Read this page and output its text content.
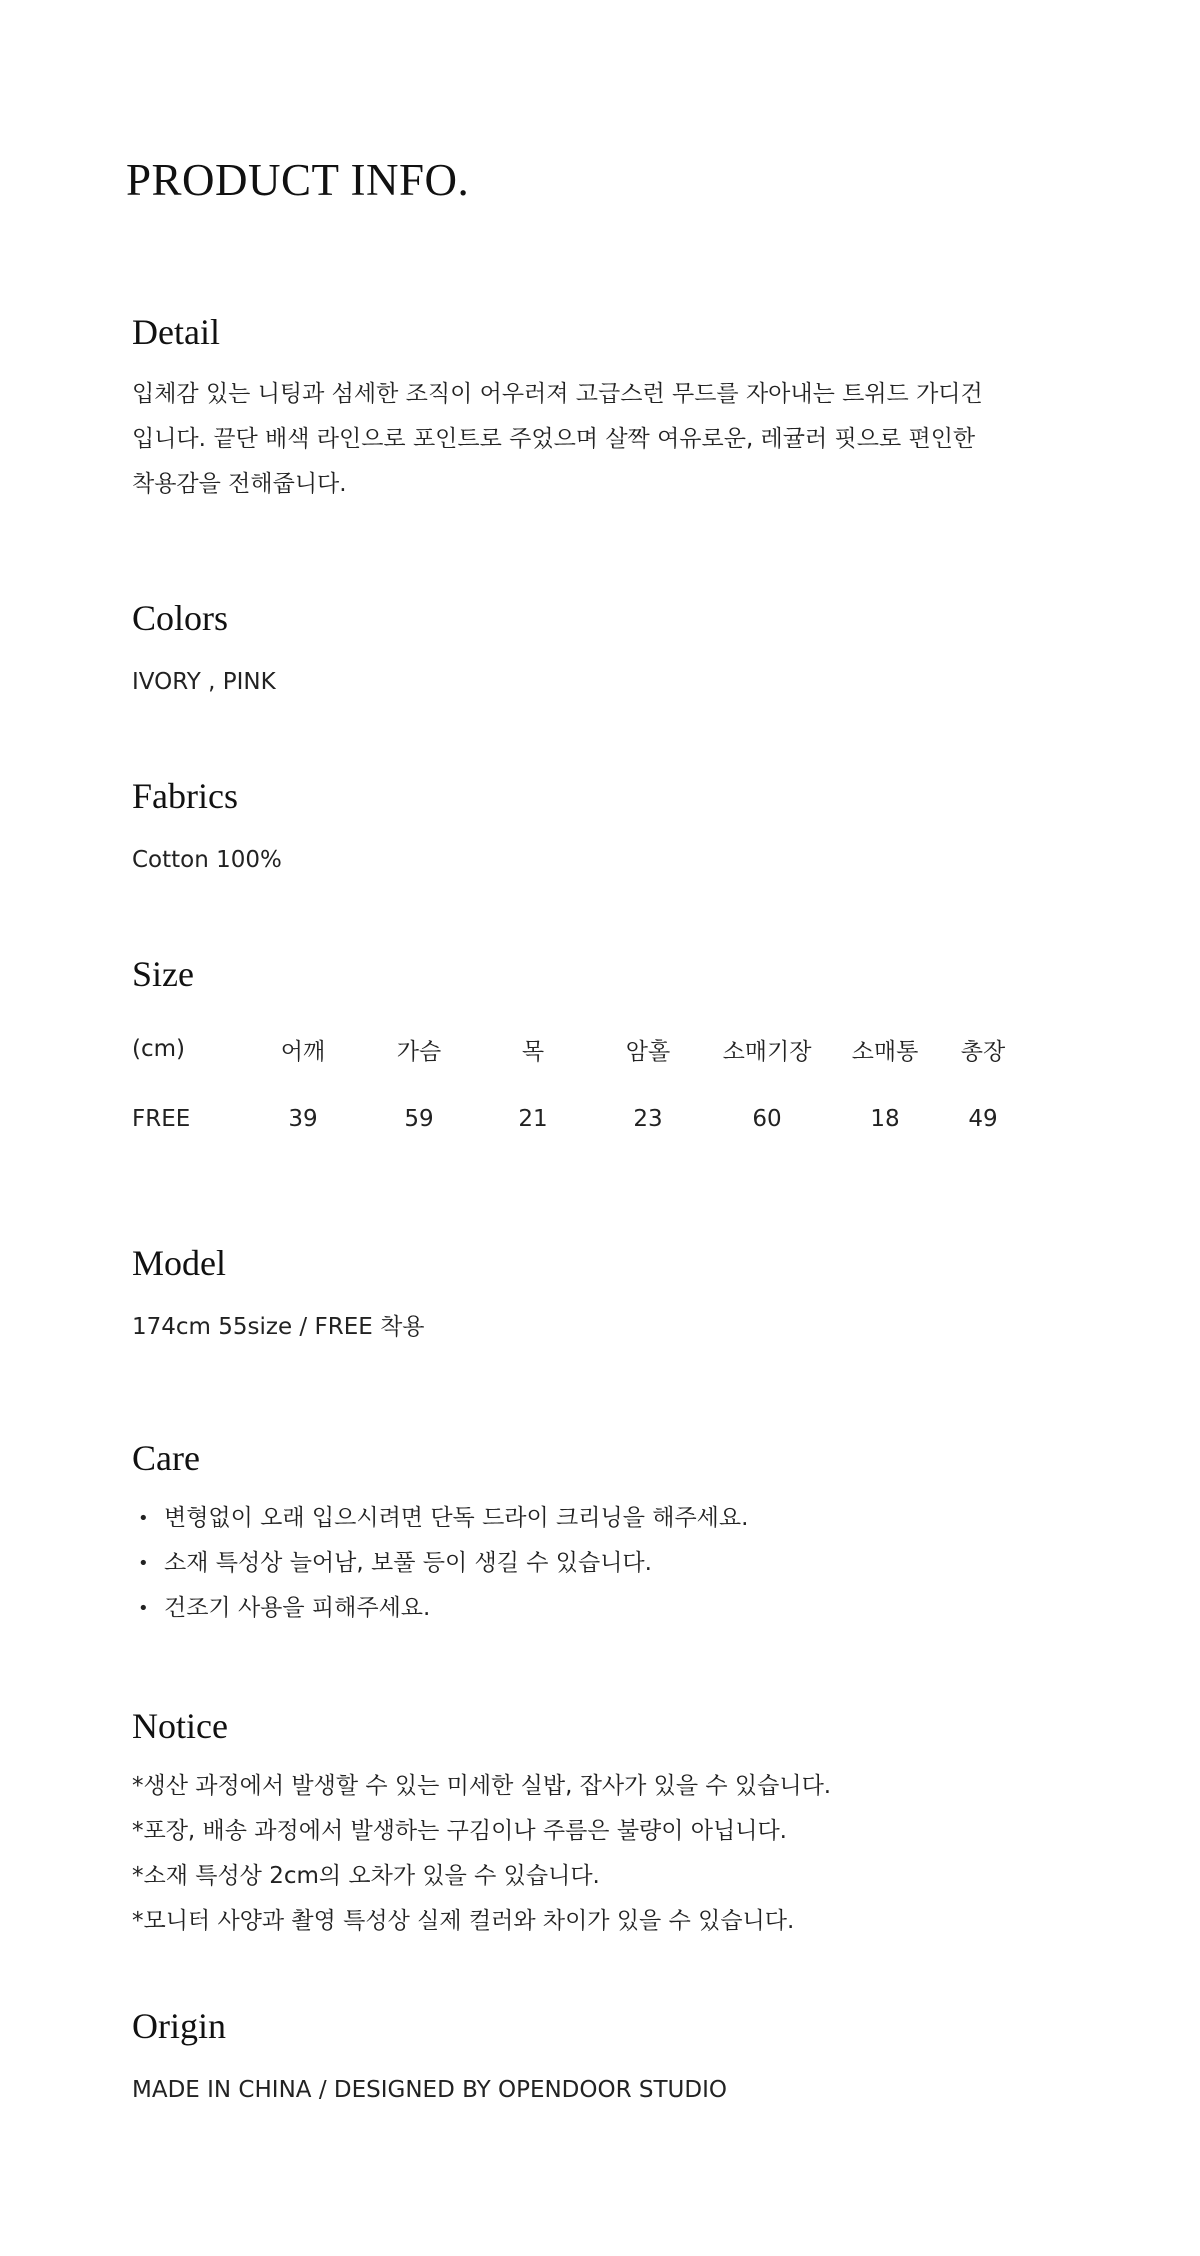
PRODUCT INFO.
Detail
입체감 있는 니팅과 섬세한 조직이 어우러져 고급스런 무드를 자아내는 트위드 가디건
입니다. 끝단 배색 라인으로 포인트로 주었으며 살짝 여유로운, 레귤러 핏으로 편인한
착용감을 전해줍니다.
Colors

IVORY , PINK

Fabrics

Cotton 100%

Size
(cm)	어깨	가슴	목	암홀	소매기장	소매통	총장
FREE	39	59	21	23	60	18	49
Model

174cm 55size / FREE 착용

Care
• 변형없이 오래 입으시려면 단독 드라이 크리닝을 해주세요.
• 소재 특성상 늘어남, 보풀 등이 생길 수 있습니다.
• 건조기 사용을 피해주세요.
Notice
*생산 과정에서 발생할 수 있는 미세한 실밥, 잡사가 있을 수 있습니다.
*포장, 배송 과정에서 발생하는 구김이나 주름은 불량이 아닙니다.
*소재 특성상 2cm의 오차가 있을 수 있습니다.
*모니터 사양과 촬영 특성상 실제 컬러와 차이가 있을 수 있습니다.
Origin

MADE IN CHINA / DESIGNED BY OPENDOOR STUDIO
